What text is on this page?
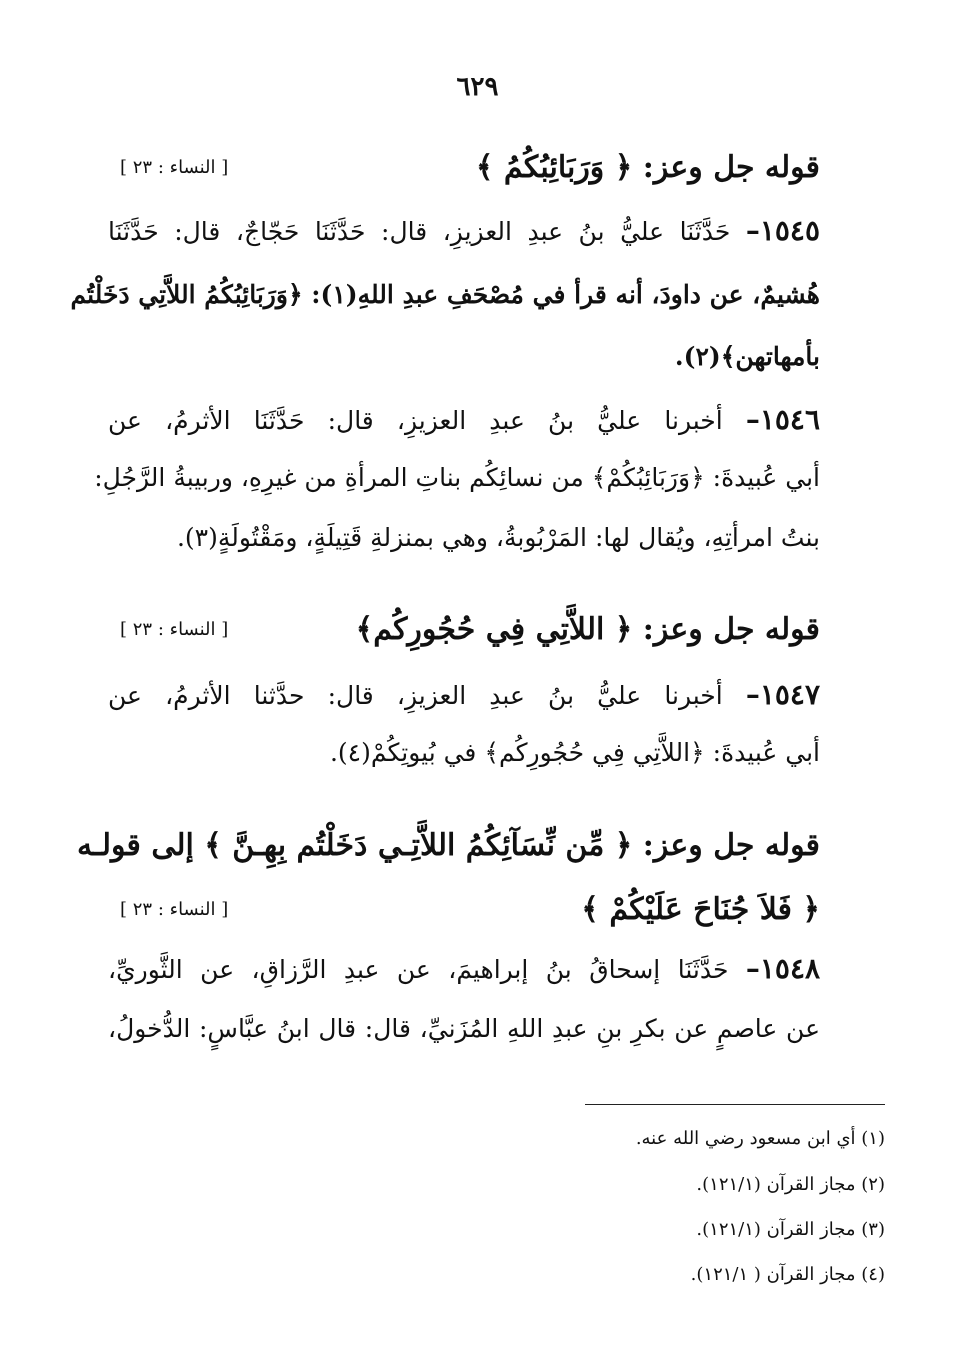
٦٢٩
قوله جل وعز: ﴿ وَرَبَائِبُكُمُ ﴾
[ النساء : ٢٣ ]
١٥٤٥– حَدَّثَنَا عليُّ بنُ عبدِ العزيزِ، قال: حَدَّثَنَا حَجّاجٌ، قال: حَدَّثَنَا
هُشيمٌ، عن داودَ، أنه قرأ في مُصْحَفِ عبدِ اللهِ(١): ﴿وَرَبَائِبُكُمُ اللاَّتِي دَخَلْتُم
بأمهاتهن﴾(٢).
١٥٤٦– أخبرنا عليُّ بنُ عبدِ العزيزِ، قال: حَدَّثَنَا الأثرمُ، عن
أبي عُبيدةَ: ﴿وَرَبَائِبُكُمْ﴾ من نسائِكُم بناتِ المرأةِ من غيرِهِ، وربيبةُ الرَّجُلِ:
بنتُ امرأتِهِ، ويُقال لها: المَرْبُوبةُ، وهي بمنزلةِ قَتِيلَةٍ، ومَقْتُولَةٍ(٣).
قوله جل وعز: ﴿ اللاَّتِي فِي حُجُورِكُم﴾
[ النساء : ٢٣ ]
١٥٤٧– أخبرنا عليُّ بنُ عبدِ العزيزِ، قال: حدَّثنا الأثرمُ، عن
أبي عُبيدةَ: ﴿اللاَّتِي فِي حُجُورِكُم﴾ في بُيوتِكُمْ(٤).
قوله جل وعز: ﴿ مِّن نِّسَآئِكُمُ اللاَّتِـي دَخَلْتُم بِهِـنَّ ﴾ إلى قولـه
﴿ فَلاَ جُنَاحَ عَلَيْكُمْ ﴾
[ النساء : ٢٣ ]
١٥٤٨– حَدَّثَنَا إسحاقُ بنُ إبراهيمَ، عن عبدِ الرَّزاقِ، عن الثَّوريِّ،
عن عاصمٍ عن بكرِ بنِ عبدِ اللهِ المُزَنيِّ، قال: قال ابنُ عبَّاسٍ: الدُّخولُ،
(١) أي ابن مسعود رضي الله عنه.
(٢) مجاز القرآن (١٢١/١).
(٣) مجاز القرآن (١٢١/١).
(٤) مجاز القرآن ( ١٢١/١).
